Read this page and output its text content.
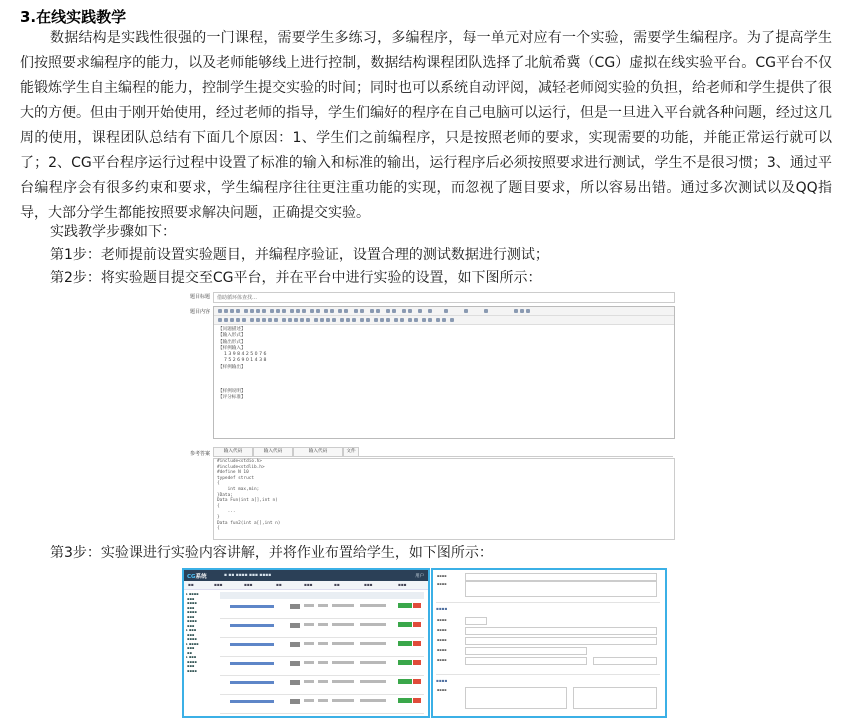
3.在线实践教学
数据结构是实践性很强的一门课程，需要学生多练习，多编程序，每一单元对应有一个实验，需要学生编程序。为了提高学生们按照要求编程序的能力，以及老师能够线上进行控制，数据结构课程团队选择了北航希冀（CG）虚拟在线实验平台。CG平台不仅能锻炼学生自主编程的能力，控制学生提交实验的时间；同时也可以系统自动评阅，减轻老师阅实验的负担，给老师和学生提供了很大的方便。但由于刚开始使用，经过老师的指导，学生们编好的程序在自己电脑可以运行，但是一旦进入平台就各种问题，经过这几周的使用，课程团队总结有下面几个原因：1、学生们之前编程序，只是按照老师的要求，实现需要的功能，并能正常运行就可以了；2、CG平台程序运行过程中设置了标准的输入和标准的输出，运行程序后必须按照要求进行测试，学生不是很习惯；3、通过平台编程序会有很多约束和要求，学生编程序往往更注重功能的实现，而忽视了题目要求，所以容易出错。通过多次测试以及QQ指导，大部分学生都能按照要求解决问题，正确提交实验。
实践教学步骤如下：
第1步：老师提前设置实验题目，并编程序验证，设置合理的测试数据进行测试；
第2步：将实验题目提交至CG平台，并在平台中进行实验的设置，如下图所示：
题目标题 借助循环体查找…
题目内容
【问题描述】
【输入形式】
【输出形式】
【样例输入】
1 3 9 8 4 2 5 0 7 6
7 5 2 6 9 0 1 4 3 8
【样例输出】
【样例说明】
【评分标准】
参考答案	输入代码	输入代码	输入代码	文件
#include<stdio.h>
#include<stdlib.h>
#define N 10
typedef struct
{
int max,min;
}Data;
Data Fun(int a[],int n)
{
...
}
Data fun2(int a[],int n)
{
第3步：实验课进行实验内容讲解，并将作业布置给学生，如下图所示：
CG系统	▪ ▪▪ ▪▪▪▪ ▪▪▪ ▪▪▪▪	用户
▪▪	▪▪▪	▪▪▪	▪▪	▪▪▪	▪▪	▪▪▪	▪▪▪
▸ ▪▪▪▪
▪▪▪
▪▪▪▪
▪▪▪
▪▪▪▪
▪▪▪
▪▪▪▪
▪▪▪
▸ ▪▪▪
▪▪▪
▪▪▪▪
▸ ▪▪▪▪
▪▪▪
▪▪
▸ ▪▪▪
▪▪▪▪
▪▪▪
▪▪▪▪
▪▪▪▪
▪▪▪▪
▪▪▪▪
▪▪▪▪
▪▪▪▪
▪▪▪▪
▪▪▪▪
▪▪▪▪
▪▪▪▪
▪▪▪▪
